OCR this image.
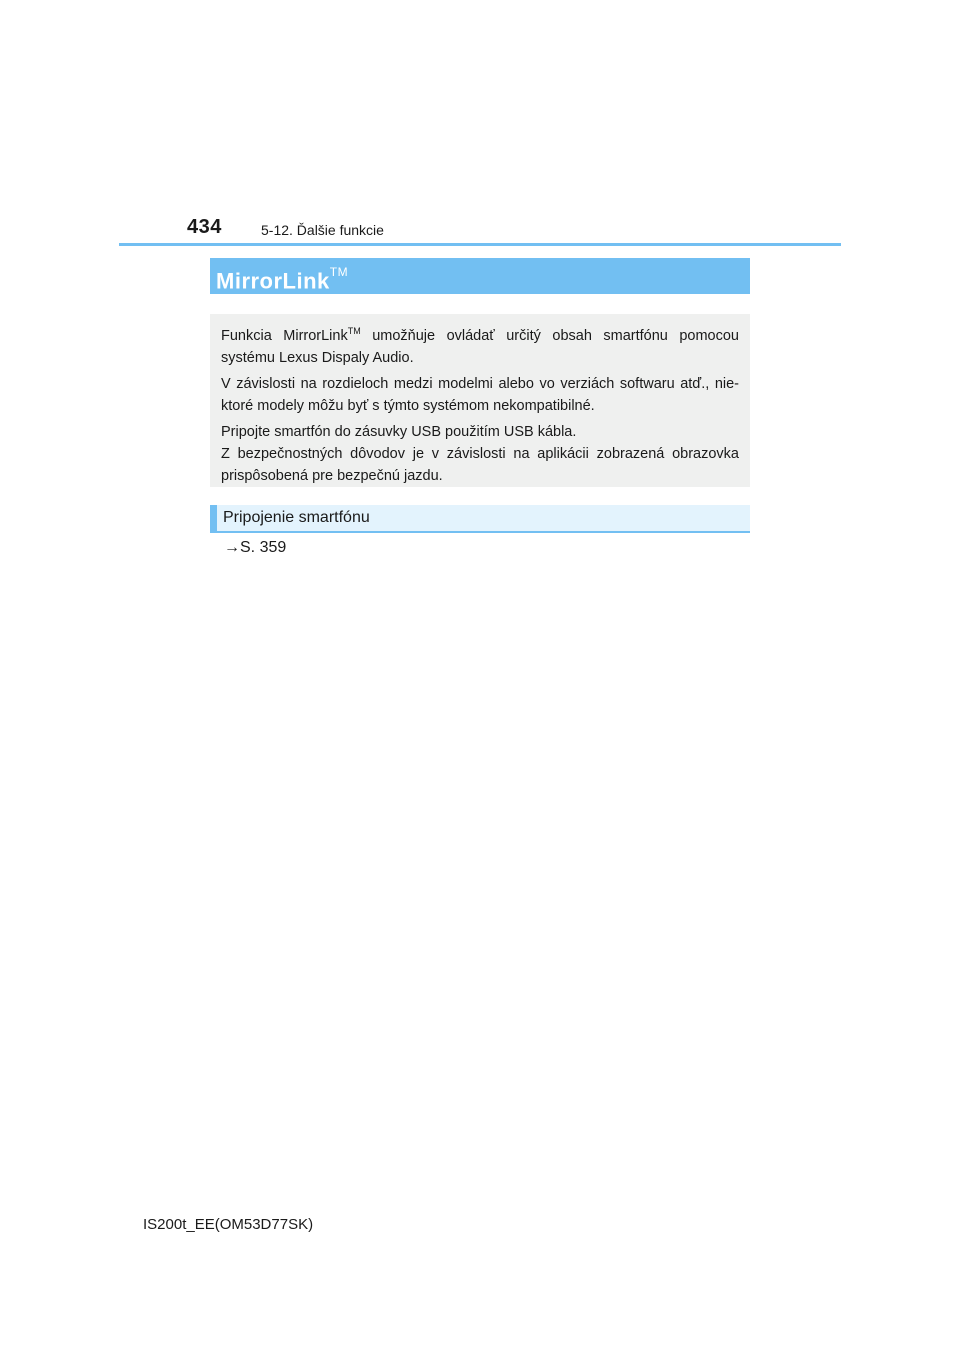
434	5-12. Ďalšie funkcie
MirrorLink™

Funkcia MirrorLink™ umožňuje ovládať určitý obsah smartfónu pomocou systému Lexus Dispaly Audio.

V závislosti na rozdieloch medzi modelmi alebo vo verziách softwaru atď., nie-ktoré modely môžu byť s týmto systémom nekompatibilné.

Pripojte smartfón do zásuvky USB použitím USB kábla.

Z bezpečnostných dôvodov je v závislosti na aplikácii zobrazená obrazovka prispôsobená pre bezpečnú jazdu.

Pripojenie smartfónu
→S. 359
IS200t_EE(OM53D77SK)
